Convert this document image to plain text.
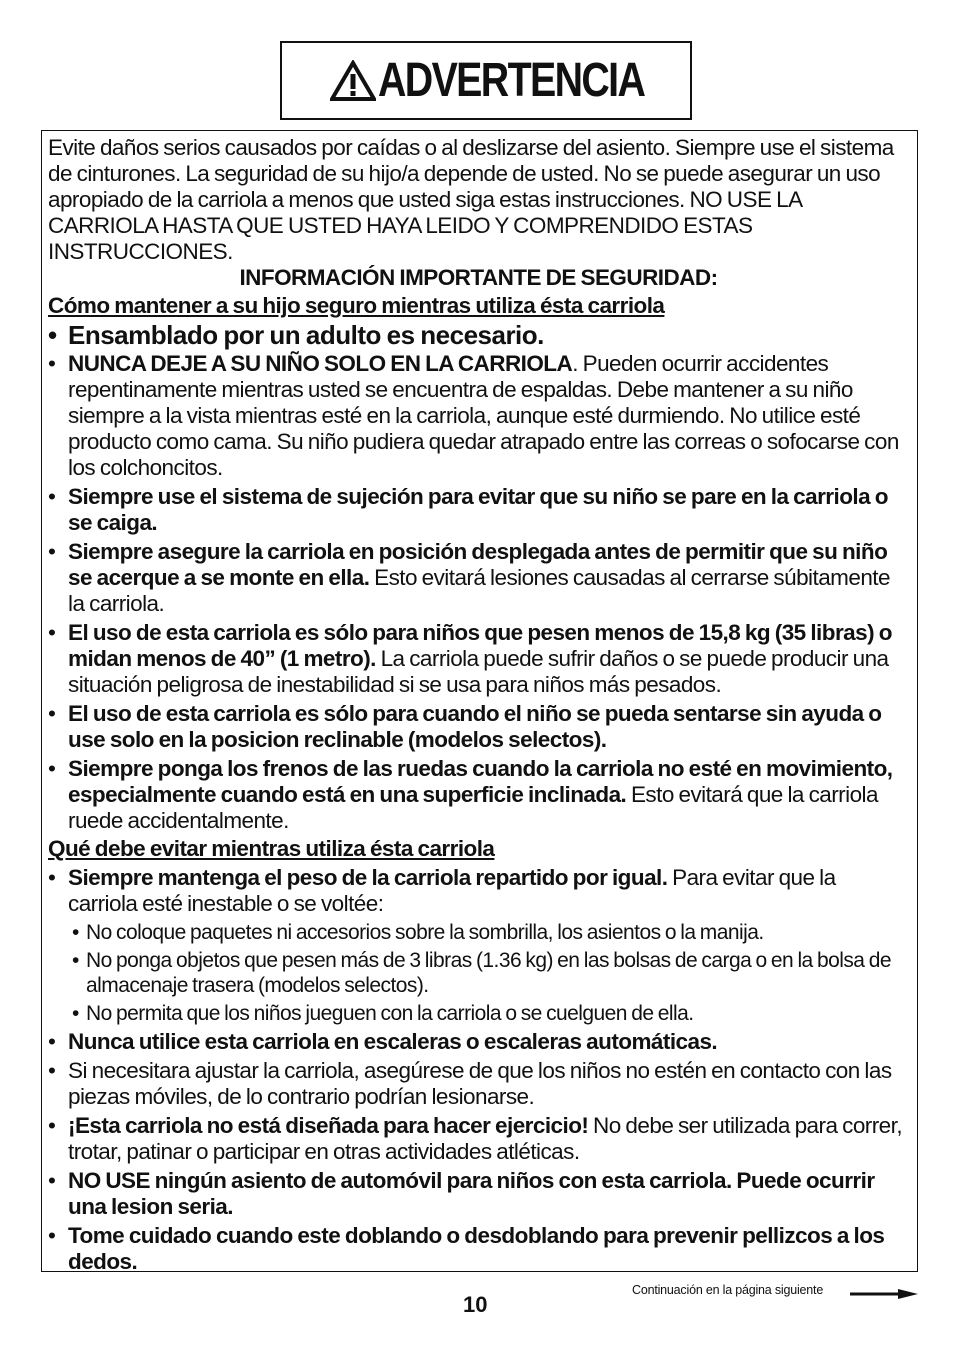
ADVERTENCIA

Evite daños serios causados por caídas o al deslizarse del asiento. Siempre use el sistema de cinturones. La seguridad de su hijo/a depende de usted. No se puede asegurar un uso apropiado de la carriola a menos que usted siga estas instrucciones. NO USE LA CARRIOLA HASTA QUE USTED HAYA LEIDO Y COMPRENDIDO ESTAS INSTRUCCIONES.

INFORMACIÓN IMPORTANTE DE SEGURIDAD:

Cómo mantener a su hijo seguro mientras utiliza ésta carriola

• Ensamblado por un adulto es necesario.
• NUNCA DEJE A SU NIÑO SOLO EN LA CARRIOLA. Pueden ocurrir accidentes repentinamente mientras usted se encuentra de espaldas. Debe mantener a su niño siempre a la vista mientras esté en la carriola, aunque esté durmiendo. No utilice esté producto como cama. Su niño pudiera quedar atrapado entre las correas o sofocarse con los colchoncitos.
• Siempre use el sistema de sujeción para evitar que su niño se pare en la carriola o se caiga.
• Siempre asegure la carriola en posición desplegada antes de permitir que su niño se acerque a se monte en ella. Esto evitará lesiones causadas al cerrarse súbitamente la carriola.
• El uso de esta carriola es sólo para niños que pesen menos de 15,8 kg (35 libras) o midan menos de 40” (1 metro). La carriola puede sufrir daños o se puede producir una situación peligrosa de inestabilidad si se usa para niños más pesados.
• El uso de esta carriola es sólo para cuando el niño se pueda sentarse sin ayuda o use solo en la posicion reclinable (modelos selectos).
• Siempre ponga los frenos de las ruedas cuando la carriola no esté en movimiento, especialmente cuando está en una superficie inclinada. Esto evitará que la carriola ruede accidentalmente.

Qué debe evitar mientras utiliza ésta carriola

• Siempre mantenga el peso de la carriola repartido por igual. Para evitar que la carriola esté inestable o se voltée:
• No coloque paquetes ni accesorios sobre la sombrilla, los asientos o la manija.
• No ponga objetos que pesen más de 3 libras (1.36 kg) en las bolsas de carga o en la bolsa de almacenaje trasera (modelos selectos).
• No permita que los niños jueguen con la carriola o se cuelguen de ella.
• Nunca utilice esta carriola en escaleras o escaleras automáticas.
• Si necesitara ajustar la carriola, asegúrese de que los niños no estén en contacto con las piezas móviles, de lo contrario podrían lesionarse.
• ¡Esta carriola no está diseñada para hacer ejercicio! No debe ser utilizada para correr, trotar, patinar o participar en otras actividades atléticas.
• NO USE ningún asiento de automóvil para niños con esta carriola. Puede ocurrir una lesion seria.
• Tome cuidado cuando este doblando o desdoblando para prevenir pellizcos a los dedos.
10
Continuación en la página siguiente
